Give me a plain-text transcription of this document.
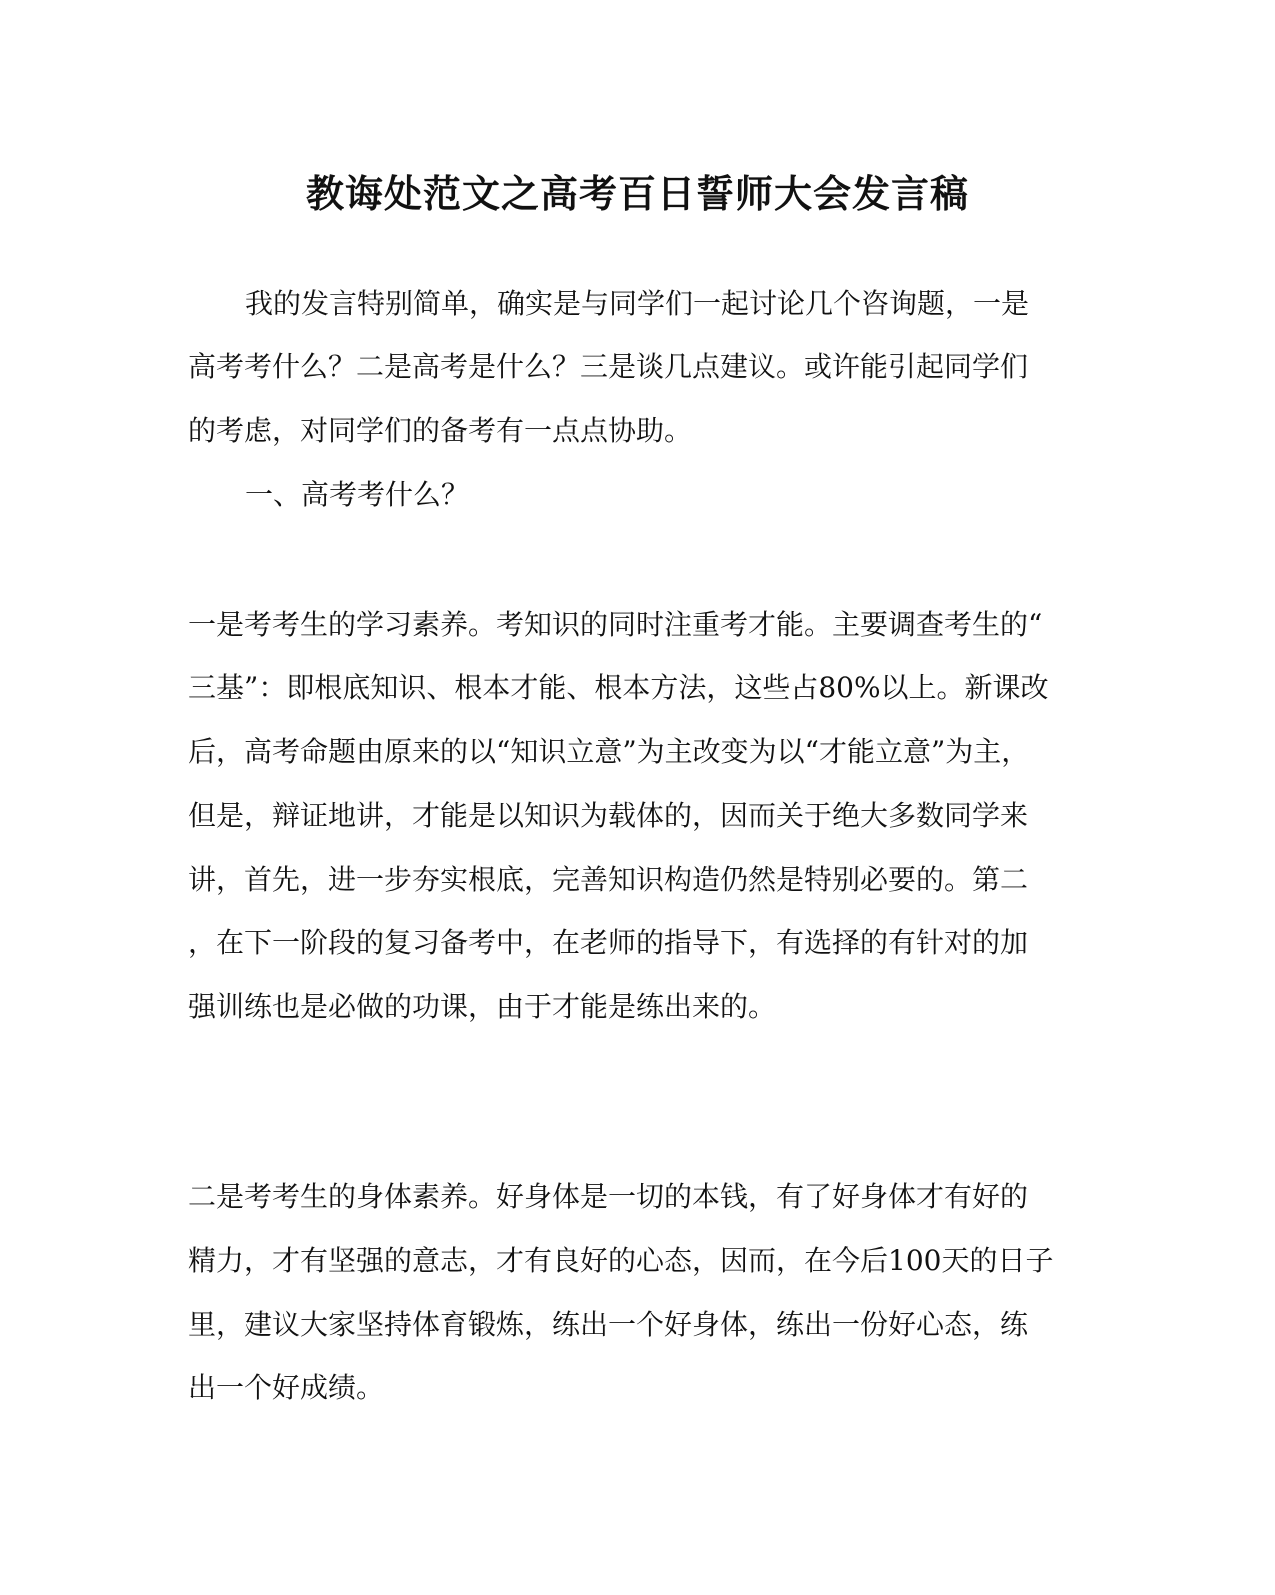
教诲处范文之高考百日誓师大会发言稿

我的发言特别简单，确实是与同学们一起讨论几个咨询题，一是

高考考什么？二是高考是什么？三是谈几点建议。或许能引起同学们

的考虑，对同学们的备考有一点点协助。

一、高考考什么？

一是考考生的学习素养。考知识的同时注重考才能。主要调查考生的“

三基”：即根底知识、根本才能、根本方法，这些占80%以上。新课改

后，高考命题由原来的以“知识立意”为主改变为以“才能立意”为主，

但是，辩证地讲，才能是以知识为载体的，因而关于绝大多数同学来

讲，首先，进一步夯实根底，完善知识构造仍然是特别必要的。第二

，在下一阶段的复习备考中，在老师的指导下，有选择的有针对的加

强训练也是必做的功课，由于才能是练出来的。

二是考考生的身体素养。好身体是一切的本钱，有了好身体才有好的

精力，才有坚强的意志，才有良好的心态，因而，在今后100天的日子

里，建议大家坚持体育锻炼，练出一个好身体，练出一份好心态，练

出一个好成绩。
